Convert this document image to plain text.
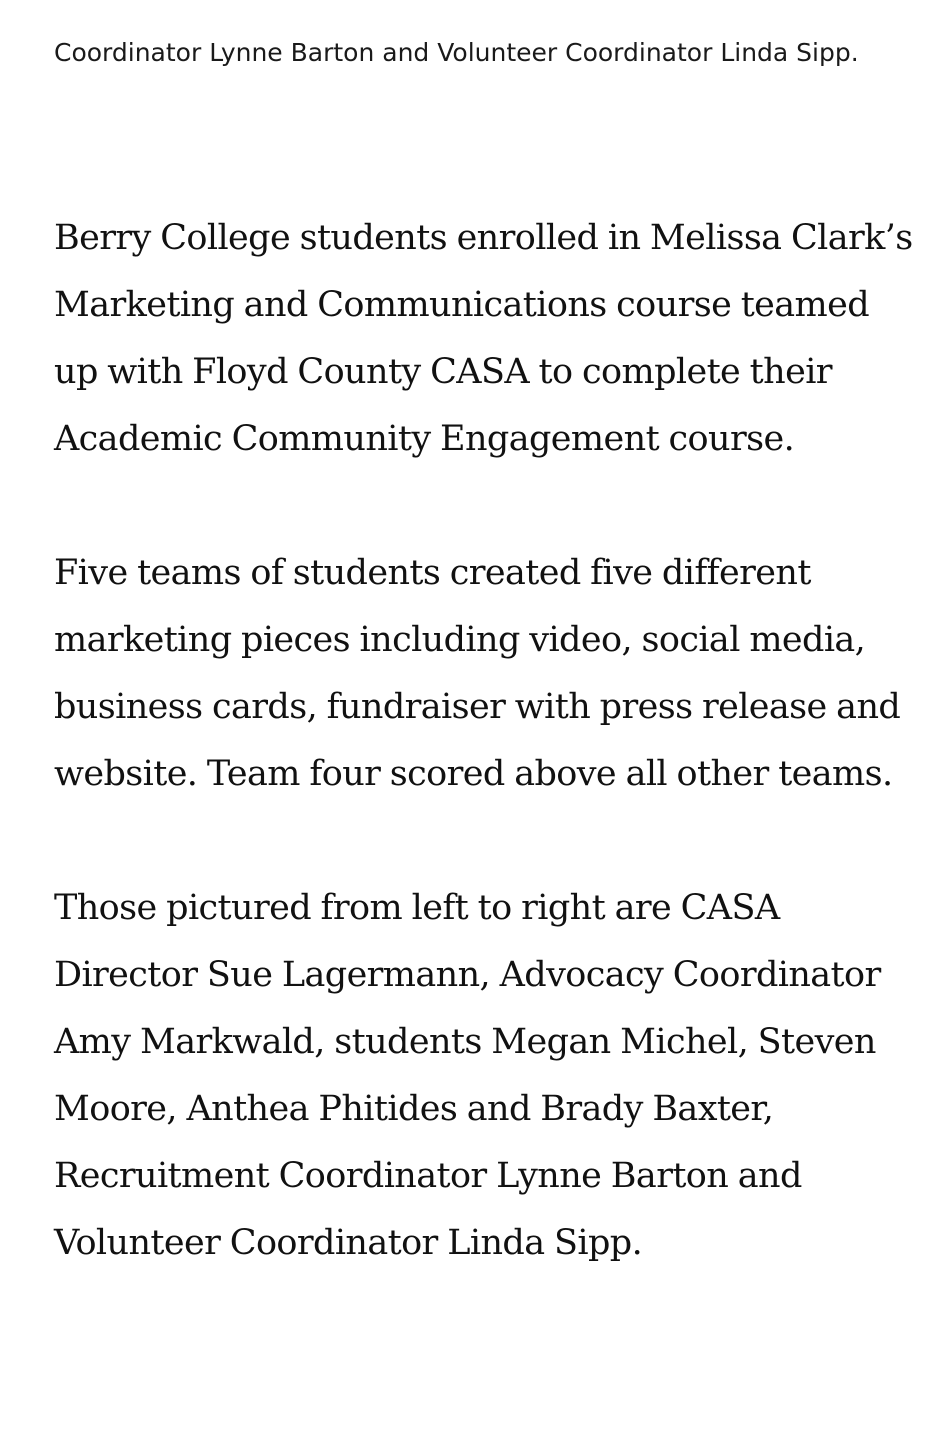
Coordinator Lynne Barton and Volunteer Coordinator Linda Sipp.

Berry College students enrolled in Melissa Clark’s Marketing and Communications course teamed up with Floyd County CASA to complete their Academic Community Engagement course.

Five teams of students created five different marketing pieces including video, social media, business cards, fundraiser with press release and website. Team four scored above all other teams.

Those pictured from left to right are CASA Director Sue Lagermann, Advocacy Coordinator Amy Markwald, students Megan Michel, Steven Moore, Anthea Phitides and Brady Baxter, Recruitment Coordinator Lynne Barton and Volunteer Coordinator Linda Sipp.
